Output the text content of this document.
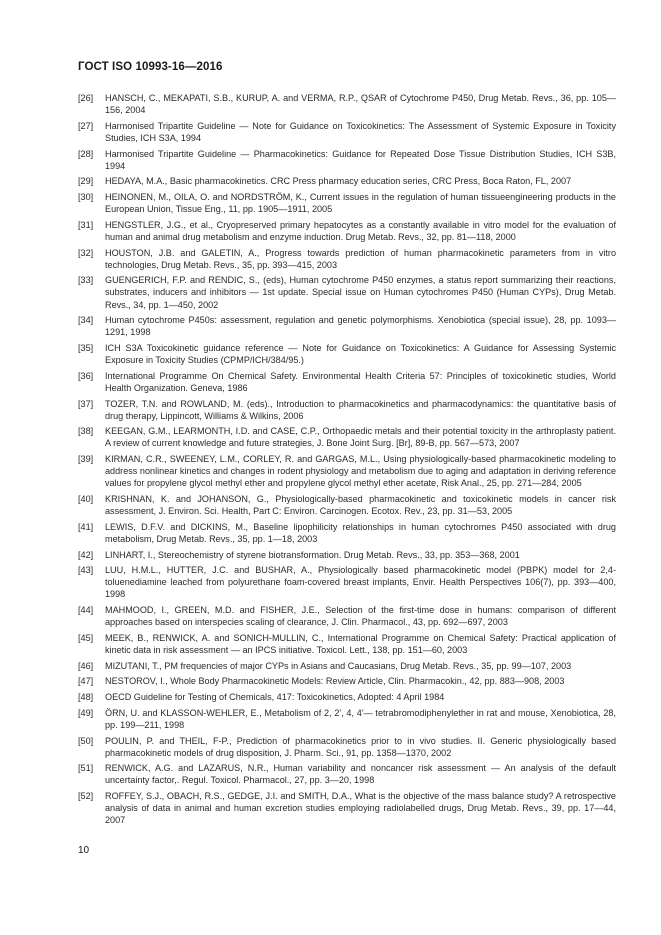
ГОСТ ISO 10993-16—2016
[26] HANSCH, C., MEKAPATI, S.B., KURUP, A. and VERMA, R.P., QSAR of Cytochrome P450, Drug Metab. Revs., 36, pp. 105—156, 2004
[27] Harmonised Tripartite Guideline — Note for Guidance on Toxicokinetics: The Assessment of Systemic Exposure in Toxicity Studies, ICH S3A, 1994
[28] Harmonised Tripartite Guideline — Pharmacokinetics: Guidance for Repeated Dose Tissue Distribution Studies, ICH S3B, 1994
[29] HEDAYA, M.A., Basic pharmacokinetics. CRC Press pharmacy education series, CRC Press, Boca Raton, FL, 2007
[30] HEINONEN, M., OILA, O. and NORDSTRÖM, K., Current issues in the regulation of human tissueengineering products in the European Union, Tissue Eng., 11, pp. 1905—1911, 2005
[31] HENGSTLER, J.G., et al., Cryopreserved primary hepatocytes as a constantly available in vitro model for the evaluation of human and animal drug metabolism and enzyme induction. Drug Metab. Revs., 32, pp. 81—118, 2000
[32] HOUSTON, J.B. and GALETIN, A., Progress towards prediction of human pharmacokinetic parameters from in vitro technologies, Drug Metab. Revs., 35, pp. 393—415, 2003
[33] GUENGERICH, F.P. and RENDIC, S., (eds), Human cytochrome P450 enzymes, a status report summarizing their reactions, substrates, inducers and inhibitors — 1st update. Special issue on Human cytochromes P450 (Human CYPs), Drug Metab. Revs., 34, pp. 1—450, 2002
[34] Human cytochrome P450s: assessment, regulation and genetic polymorphisms. Xenobiotica (special issue), 28, pp. 1093—1291, 1998
[35] ICH S3A Toxicokinetic guidance reference — Note for Guidance on Toxicokinetics: A Guidance for Assessing Systemic Exposure in Toxicity Studies (CPMP/ICH/384/95.)
[36] International Programme On Chemical Safety. Environmental Health Criteria 57: Principles of toxicokinetic studies, World Health Organization. Geneva, 1986
[37] TOZER, T.N. and ROWLAND, M. (eds)., Introduction to pharmacokinetics and pharmacodynamics: the quantitative basis of drug therapy, Lippincott, Williams & Wilkins, 2006
[38] KEEGAN, G.M., LEARMONTH, I.D. and CASE, C.P., Orthopaedic metals and their potential toxicity in the arthroplasty patient. A review of current knowledge and future strategies, J. Bone Joint Surg. [Br], 89-B, pp. 567—573, 2007
[39] KIRMAN, C.R., SWEENEY, L.M., CORLEY, R. and GARGAS, M.L., Using physiologically-based pharmacokinetic modeling to address nonlinear kinetics and changes in rodent physiology and metabolism due to aging and adaptation in deriving reference values for propylene glycol methyl ether and propylene glycol methyl ether acetate, Risk Anal., 25, pp. 271—284, 2005
[40] KRISHNAN, K. and JOHANSON, G., Physiologically-based pharmacokinetic and toxicokinetic models in cancer risk assessment, J. Environ. Sci. Health, Part C: Environ. Carcinogen. Ecotox. Rev., 23, pp. 31—53, 2005
[41] LEWIS, D.F.V. and DICKINS, M., Baseline lipophilicity relationships in human cytochromes P450 associated with drug metabolism, Drug Metab. Revs., 35, pp. 1—18, 2003
[42] LINHART, I., Stereochemistry of styrene biotransformation. Drug Metab. Revs., 33, pp. 353—368, 2001
[43] LUU, H.M.L., HUTTER, J.C. and BUSHAR, A., Physiologically based pharmacokinetic model (PBPK) model for 2,4-toluenediamine leached from polyurethane foam-covered breast implants, Envir. Health Perspectives 106(7), pp. 393—400, 1998
[44] MAHMOOD, I., GREEN, M.D. and FISHER, J.E., Selection of the first-time dose in humans: comparison of different approaches based on interspecies scaling of clearance, J. Clin. Pharmacol., 43, pp. 692—697, 2003
[45] MEEK, B., RENWICK, A. and SONICH-MULLIN, C., International Programme on Chemical Safety: Practical application of kinetic data in risk assessment — an IPCS initiative. Toxicol. Lett., 138, pp. 151—60, 2003
[46] MIZUTANI, T., PM frequencies of major CYPs in Asians and Caucasians, Drug Metab. Revs., 35, pp. 99—107, 2003
[47] NESTOROV, I., Whole Body Pharmacokinetic Models: Review Article, Clin. Pharmacokin., 42, pp. 883—908, 2003
[48] OECD Guideline for Testing of Chemicals, 417: Toxicokinetics, Adopted: 4 April 1984
[49] ÖRN, U. and KLASSON-WEHLER, E., Metabolism of 2, 2', 4, 4'— tetrabromodiphenylether in rat and mouse, Xenobiotica, 28, pp. 199—211, 1998
[50] POULIN, P. and THEIL, F-P., Prediction of pharmacokinetics prior to in vivo studies. II. Generic physiologically based pharmacokinetic models of drug disposition, J. Pharm. Sci., 91, pp. 1358—1370, 2002
[51] RENWICK, A.G. and LAZARUS, N.R., Human variability and noncancer risk assessment — An analysis of the default uncertainty factor,. Regul. Toxicol. Pharmacol., 27, pp. 3—20, 1998
[52] ROFFEY, S.J., OBACH, R.S., GEDGE, J.I. and SMITH, D.A., What is the objective of the mass balance study? A retrospective analysis of data in animal and human excretion studies employing radiolabelled drugs, Drug Metab. Revs., 39, pp. 17—44, 2007
10
